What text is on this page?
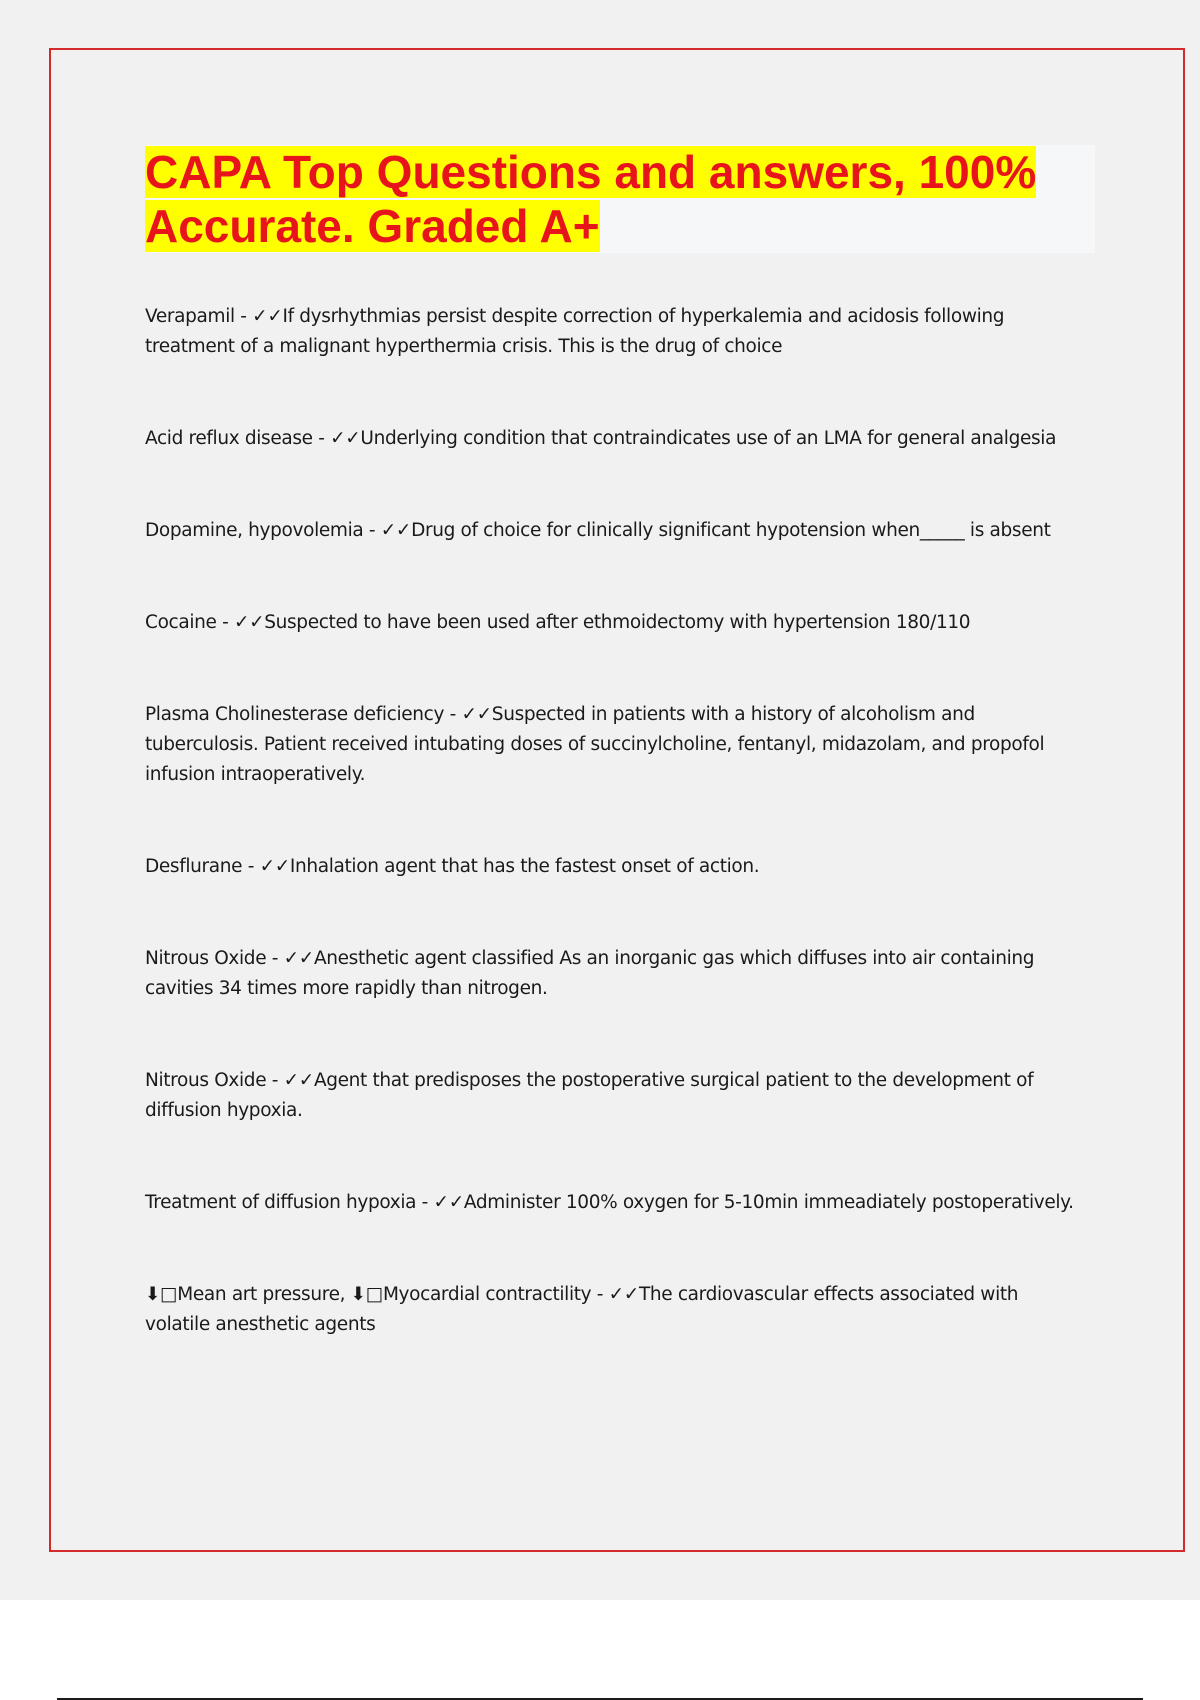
CAPA Top Questions and answers, 100% Accurate. Graded A+
Verapamil - ✓✓If dysrhythmias persist despite correction of hyperkalemia and acidosis following treatment of a malignant hyperthermia crisis. This is the drug of choice
Acid reflux disease - ✓✓Underlying condition that contraindicates use of an LMA for general analgesia
Dopamine, hypovolemia - ✓✓Drug of choice for clinically significant hypotension when_____ is absent
Cocaine - ✓✓Suspected to have been used after ethmoidectomy with hypertension 180/110
Plasma Cholinesterase deficiency - ✓✓Suspected in patients with a history of alcoholism and tuberculosis. Patient received intubating doses of succinylcholine, fentanyl, midazolam, and propofol infusion intraoperatively.
Desflurane - ✓✓Inhalation agent that has the fastest onset of action.
Nitrous Oxide - ✓✓Anesthetic agent classified As an inorganic gas which diffuses into air containing cavities 34 times more rapidly than nitrogen.
Nitrous Oxide - ✓✓Agent that predisposes the postoperative surgical patient to the development of diffusion hypoxia.
Treatment of diffusion hypoxia - ✓✓Administer 100% oxygen for 5-10min immeadiately postoperatively.
⬇︎□Mean art pressure, ⬇︎□Myocardial contractility - ✓✓The cardiovascular effects associated with volatile anesthetic agents
